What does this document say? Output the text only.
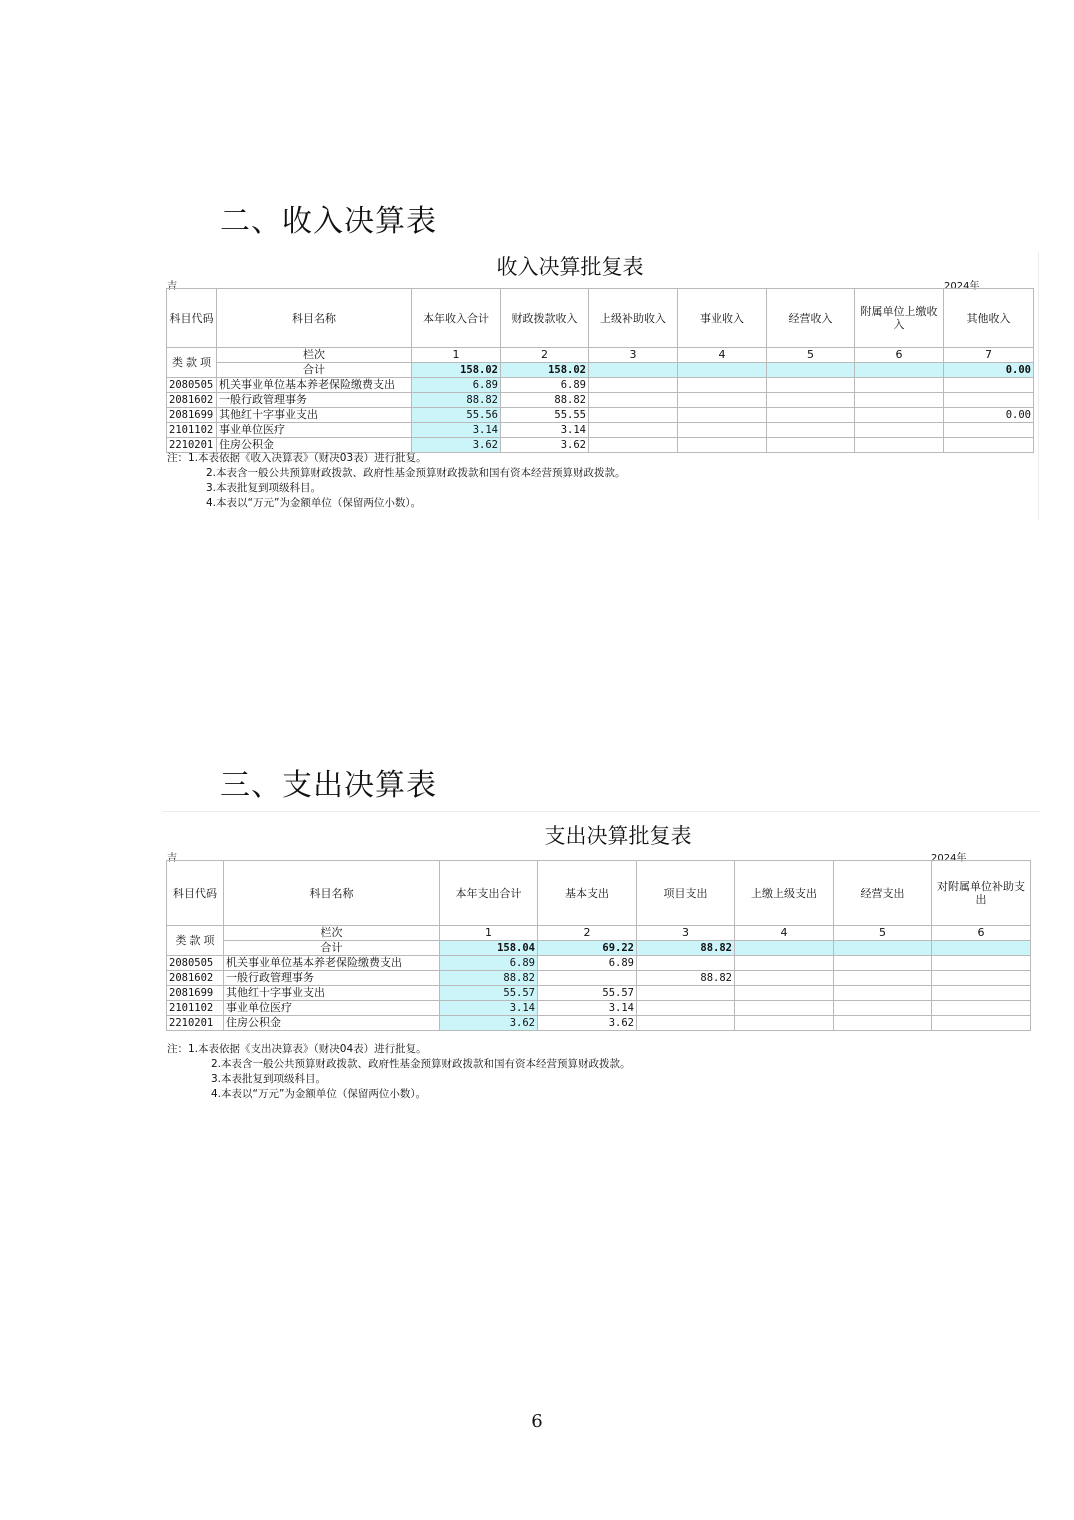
二、收入决算表
收入决算批复表
吉	2024年
科目代码	科目名称	本年收入合计	财政拨款收入	上级补助收入	事业收入	经营收入	附属单位上缴收入	其他收入
类 款 项	栏次	1	2	3	4	5	6	7
	合计	158.02	158.02					0.00
2080505	机关事业单位基本养老保险缴费支出	6.89	6.89					
2081602	一般行政管理事务	88.82	88.82					
2081699	其他红十字事业支出	55.56	55.55					0.00
2101102	事业单位医疗	3.14	3.14					
2210201	住房公积金	3.62	3.62					
注：1.本表依据《收入决算表》（财决03表）进行批复。
2.本表含一般公共预算财政拨款、政府性基金预算财政拨款和国有资本经营预算财政拨款。
3.本表批复到项级科目。
4.本表以“万元”为金额单位（保留两位小数）。
三、支出决算表
支出决算批复表
吉	2024年
科目代码	科目名称	本年支出合计	基本支出	项目支出	上缴上级支出	经营支出	对附属单位补助支出
类 款 项	栏次	1	2	3	4	5	6
	合计	158.04	69.22	88.82			
2080505	机关事业单位基本养老保险缴费支出	6.89	6.89				
2081602	一般行政管理事务	88.82		88.82			
2081699	其他红十字事业支出	55.57	55.57				
2101102	事业单位医疗	3.14	3.14				
2210201	住房公积金	3.62	3.62				
注：1.本表依据《支出决算表》（财决04表）进行批复。
2.本表含一般公共预算财政拨款、政府性基金预算财政拨款和国有资本经营预算财政拨款。
3.本表批复到项级科目。
4.本表以“万元”为金额单位（保留两位小数）。
6
